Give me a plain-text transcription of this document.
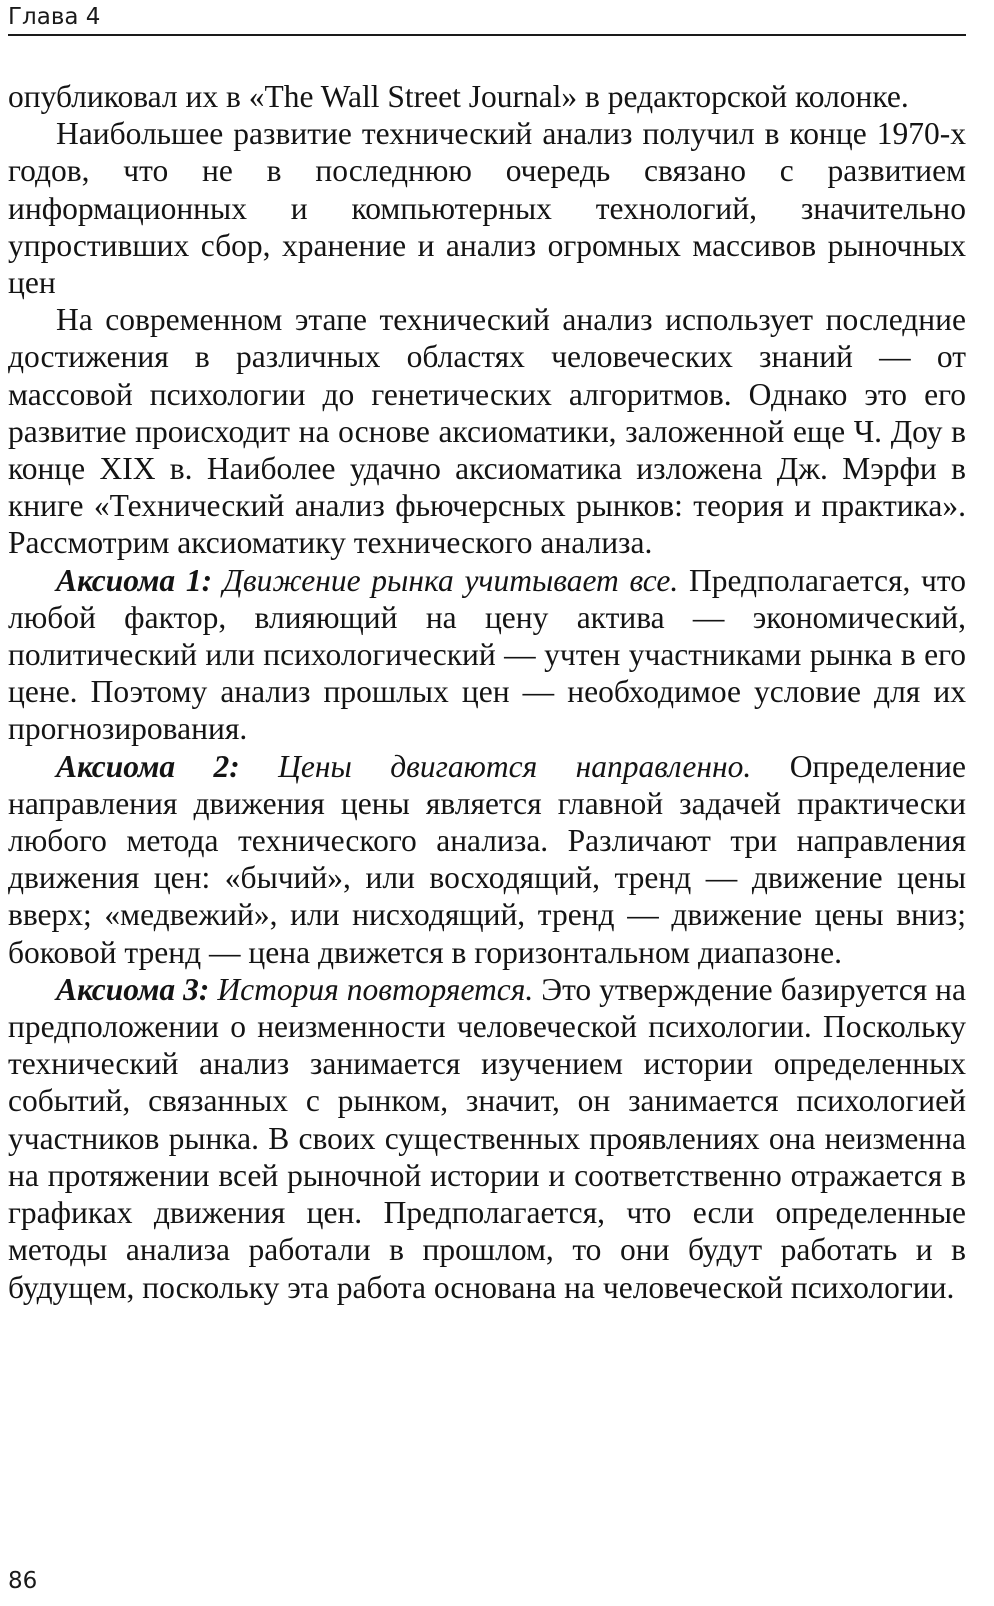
Глава 4

опубликовал их в «The Wall Street Journal» в редакторской колонке.

Наибольшее развитие технический анализ получил в конце 1970-х годов, что не в последнюю очередь связано с развитием информационных и компьютерных технологий, значительно упростивших сбор, хранение и анализ огромных массивов рыночных цен

На современном этапе технический анализ использует последние достижения в различных областях человеческих знаний — от массовой психологии до генетических алгоритмов. Однако это его развитие происходит на основе аксиоматики, заложенной еще Ч. Доу в конце XIX в. Наиболее удачно аксиоматика изложена Дж. Мэрфи в книге «Технический анализ фьючерсных рынков: теория и практика». Рассмотрим аксиоматику технического анализа.

Аксиома 1: Движение рынка учитывает все. Предполагается, что любой фактор, влияющий на цену актива — экономический, политический или психологический — учтен участниками рынка в его цене. Поэтому анализ прошлых цен — необходимое условие для их прогнозирования.

Аксиома 2: Цены двигаются направленно. Определение направления движения цены является главной задачей практически любого метода технического анализа. Различают три направления движения цен: «бычий», или восходящий, тренд — движение цены вверх; «медвежий», или нисходящий, тренд — движение цены вниз; боковой тренд — цена движется в горизонтальном диапазоне.

Аксиома 3: История повторяется. Это утверждение базируется на предположении о неизменности человеческой психологии. Поскольку технический анализ занимается изучением истории определенных событий, связанных с рынком, значит, он занимается психологией участников рынка. В своих существенных проявлениях она неизменна на протяжении всей рыночной истории и соответственно отражается в графиках движения цен. Предполагается, что если определенные методы анализа работали в прошлом, то они будут работать и в будущем, поскольку эта работа основана на человеческой психологии.

86
